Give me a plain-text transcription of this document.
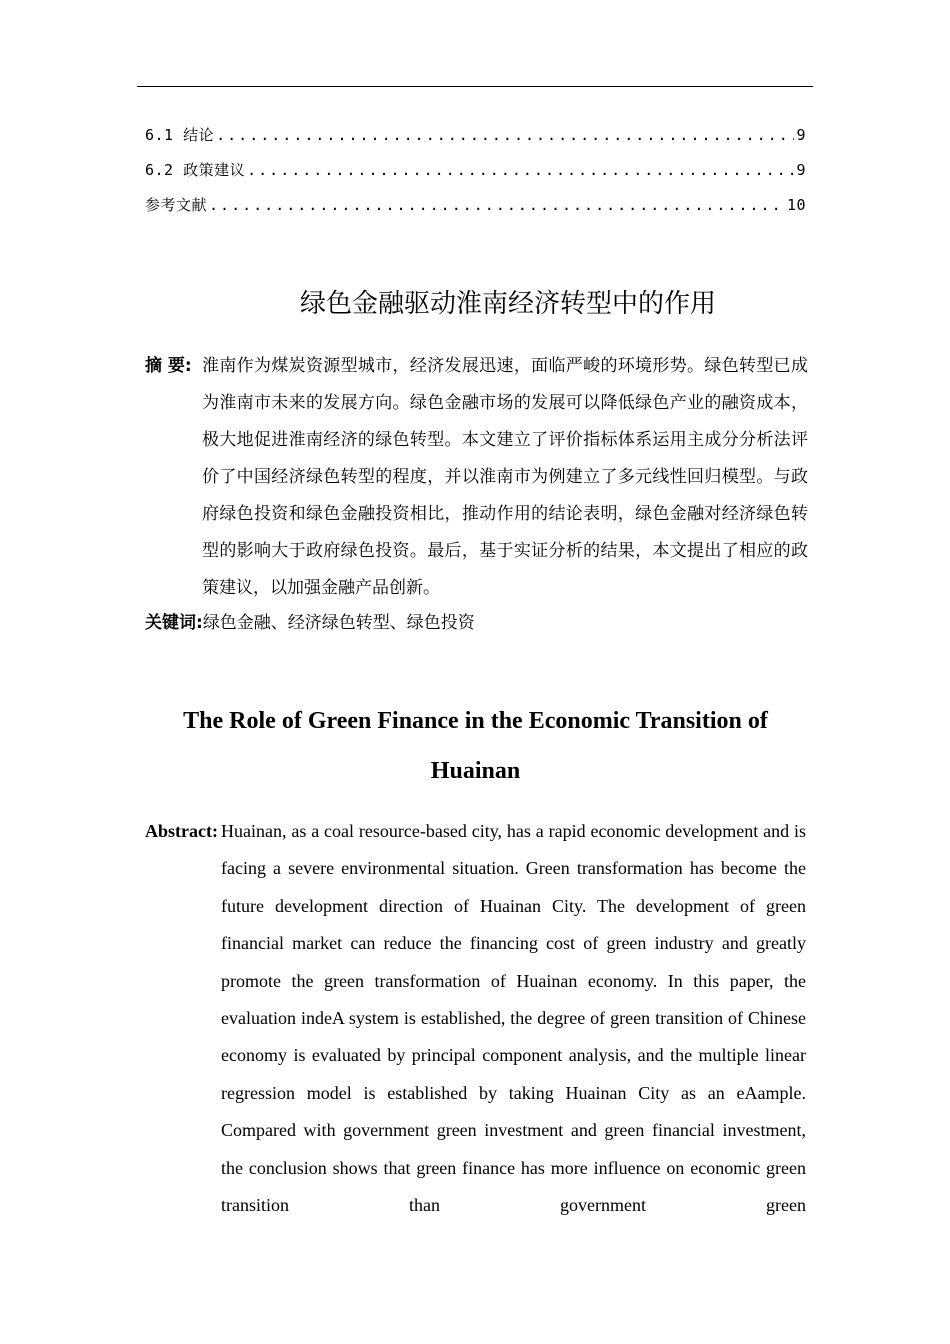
6.1 结论 .....	9
6.2 政策建议 .....	9
参考文献 .....	10
绿色金融驱动淮南经济转型中的作用
摘 要: 淮南作为煤炭资源型城市，经济发展迅速，面临严峻的环境形势。绿色转型已成为淮南市未来的发展方向。绿色金融市场的发展可以降低绿色产业的融资成本，极大地促进淮南经济的绿色转型。本文建立了评价指标体系运用主成分分析法评价了中国经济绿色转型的程度，并以淮南市为例建立了多元线性回归模型。与政府绿色投资和绿色金融投资相比，推动作用的结论表明，绿色金融对经济绿色转型的影响大于政府绿色投资。最后，基于实证分析的结果，本文提出了相应的政策建议，以加强金融产品创新。
关键词:绿色金融、经济绿色转型、绿色投资
The Role of Green Finance in the Economic Transition of Huainan
Abstract: Huainan, as a coal resource-based city, has a rapid economic development and is facing a severe environmental situation. Green transformation has become the future development direction of Huainan City. The development of green financial market can reduce the financing cost of green industry and greatly promote the green transformation of Huainan economy. In this paper, the evaluation indeA system is established, the degree of green transition of Chinese economy is evaluated by principal component analysis, and the multiple linear regression model is established by taking Huainan City as an eAample. Compared with government green investment and green financial investment, the conclusion shows that green finance has more influence on economic green transition than government green
